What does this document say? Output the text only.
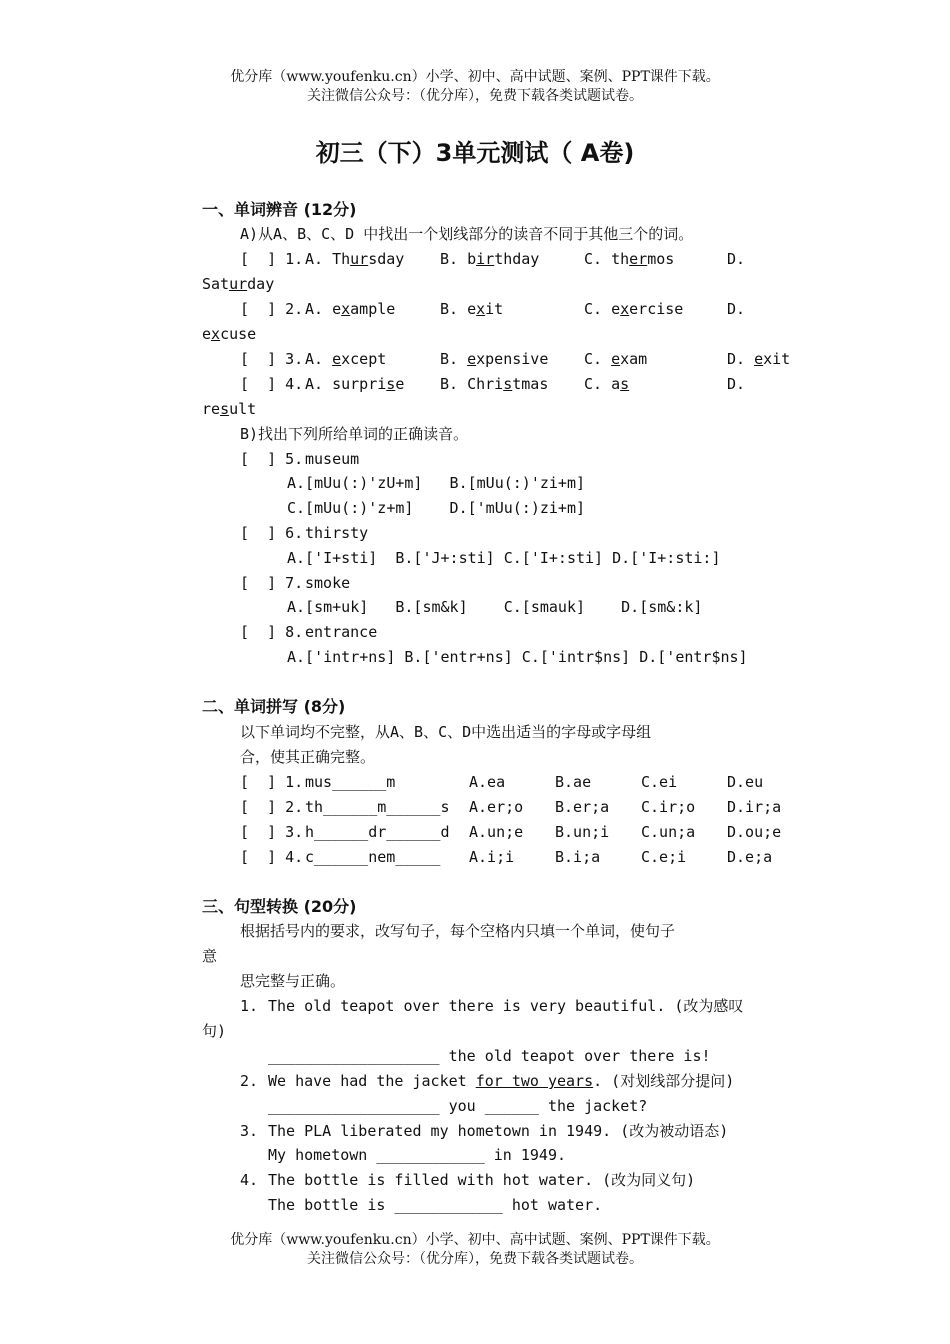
优分库（www.youfenku.cn）小学、初中、高中试题、案例、PPT课件下载。
关注微信公众号：（优分库），免费下载各类试题试卷。
初三（下）3单元测试（ A卷)
一、单词辨音 (12分)
A)从A、B、C、D 中找出一个划线部分的读音不同于其他三个的词。
[  ] 1. A. Thursday B. birthday	C. thermos	D.
Saturday
[  ] 2. A. example	B. exit	C. exercise	D.
excuse
[  ] 3. A. except	B. expensive C. exam	D. exit
[  ] 4. A. surprise B. Christmas C. as	D.
result
B)找出下列所给单词的正确读音。
[  ] 5. museum
A.[mUu(:)'zU+m]   B.[mUu(:)'zi+m]
C.[mUu(:)'z+m]    D.['mUu(:)zi+m]
[  ] 6. thirsty
A.['I+sti]  B.['J+:sti] C.['I+:sti] D.['I+:sti:]
[  ] 7. smoke
A.[sm+uk]   B.[sm&k]    C.[smauk]    D.[sm&:k]
[  ] 8. entrance
A.['intr+ns] B.['entr+ns] C.['intr$ns] D.['entr$ns]
二、单词拼写 (8分)
以下单词均不完整，从A、B、C、D中选出适当的字母或字母组
合，使其正确完整。
[  ] 1. mus______m	A.ea	B.ae	C.ei	D.eu
[  ] 2. th______m______s A.er;o B.er;a C.ir;o D.ir;a
[  ] 3. h______dr______d A.un;e B.un;i C.un;a D.ou;e
[  ] 4. c______nem_____ A.i;i	B.i;a	C.e;i	D.e;a
三、句型转换 (20分)
根据括号内的要求，改写句子，每个空格内只填一个单词，使句子
意
思完整与正确。
1. The old teapot over there is very beautiful. (改为感叹
句)
___________________ the old teapot over there is!
2. We have had the jacket for two years. (对划线部分提问)
___________________ you ______ the jacket?
3. The PLA liberated my hometown in 1949. (改为被动语态)
My hometown ____________ in 1949.
4. The bottle is filled with hot water. (改为同义句)
The bottle is ____________ hot water.
优分库（www.youfenku.cn）小学、初中、高中试题、案例、PPT课件下载。
关注微信公众号：（优分库），免费下载各类试题试卷。
